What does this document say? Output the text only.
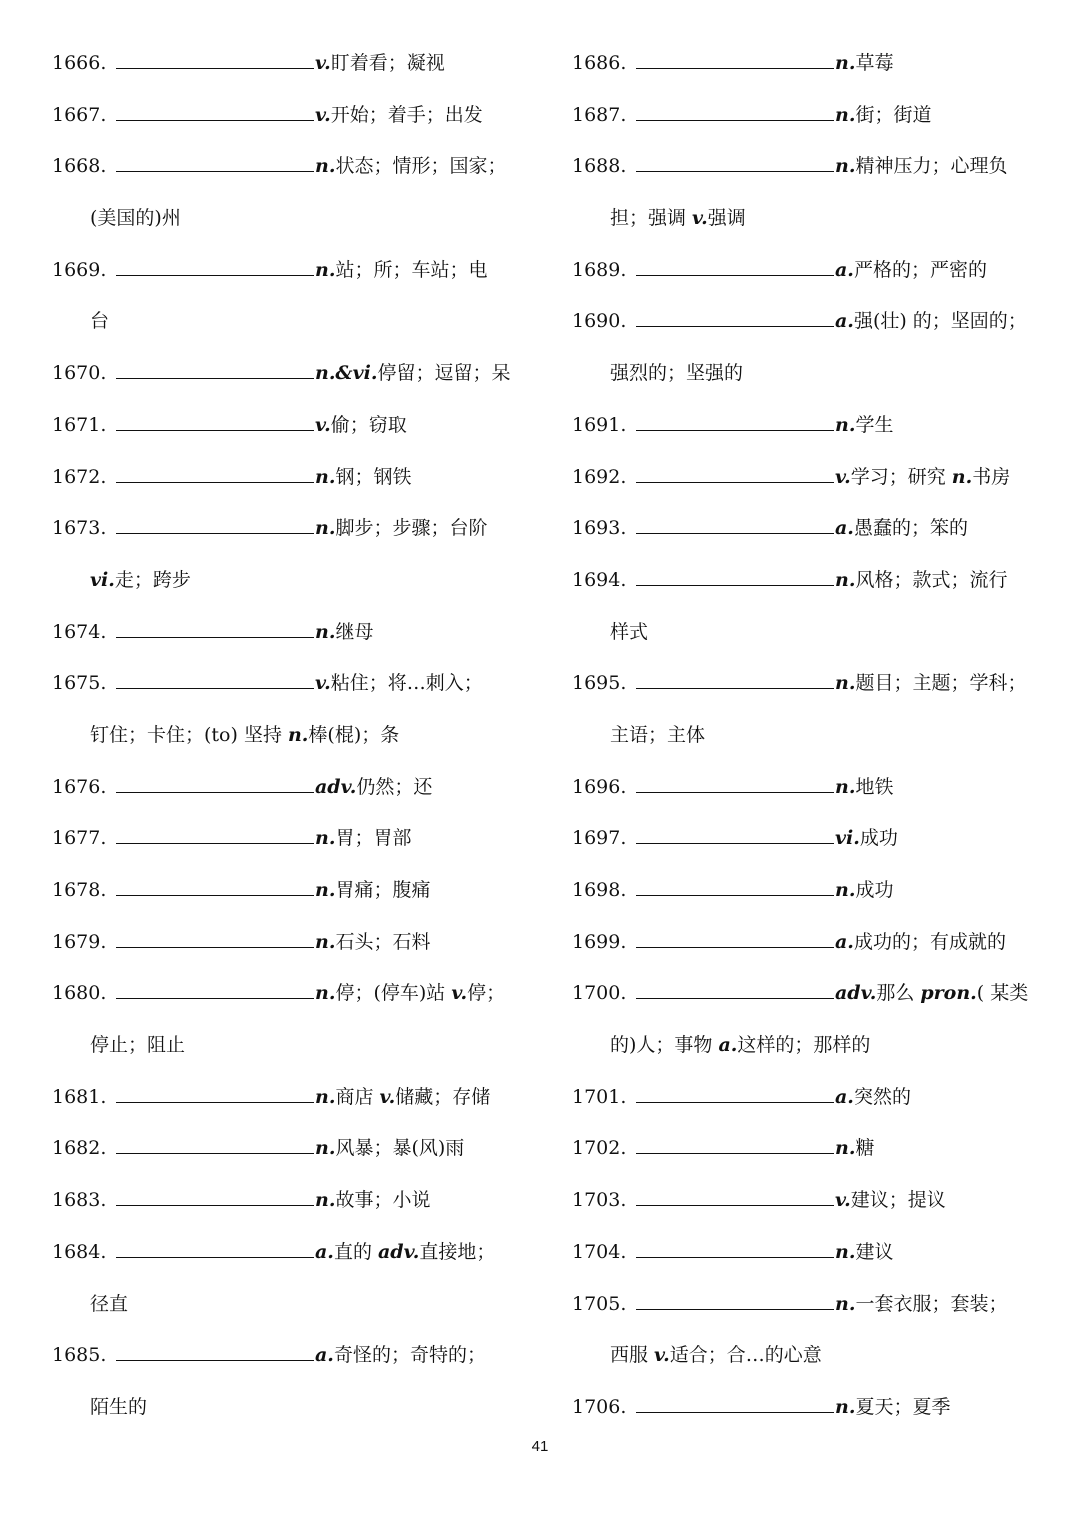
1666.	v.盯着看；凝视
1667.	v.开始；着手；出发
1668.	n.状态；情形；国家；
(美国的)州
1669.	n.站；所；车站；电
台
1670.	n.&vi.停留；逗留；呆
1671.	v.偷；窃取
1672.	n.钢；钢铁
1673.	n.脚步；步骤；台阶
vi.走；跨步
1674.	n.继母
1675.	v.粘住；将…刺入；
钉住；卡住；(to) 坚持 n.棒(棍)；条
1676.	adv.仍然；还
1677.	n.胃；胃部
1678.	n.胃痛；腹痛
1679.	n.石头；石料
1680.	n.停；(停车)站 v.停；
停止；阻止
1681.	n.商店 v.储藏；存储
1682.	n.风暴；暴(风)雨
1683.	n.故事；小说
1684.	a.直的 adv.直接地；
径直
1685.	a.奇怪的；奇特的；
陌生的
1686.	n.草莓
1687.	n.街；街道
1688.	n.精神压力；心理负
担；强调 v.强调
1689.	a.严格的；严密的
1690.	a.强(壮) 的；坚固的；
强烈的；坚强的
1691.	n.学生
1692.	v.学习；研究 n.书房
1693.	a.愚蠢的；笨的
1694.	n.风格；款式；流行
样式
1695.	n.题目；主题；学科；
主语；主体
1696.	n.地铁
1697.	vi.成功
1698.	n.成功
1699.	a.成功的；有成就的
1700.	adv.那么 pron.( 某类
的)人；事物 a.这样的；那样的
1701.	a.突然的
1702.	n.糖
1703.	v.建议；提议
1704.	n.建议
1705.	n.一套衣服；套装；
西服 v.适合；合…的心意
1706.	n.夏天；夏季
41
